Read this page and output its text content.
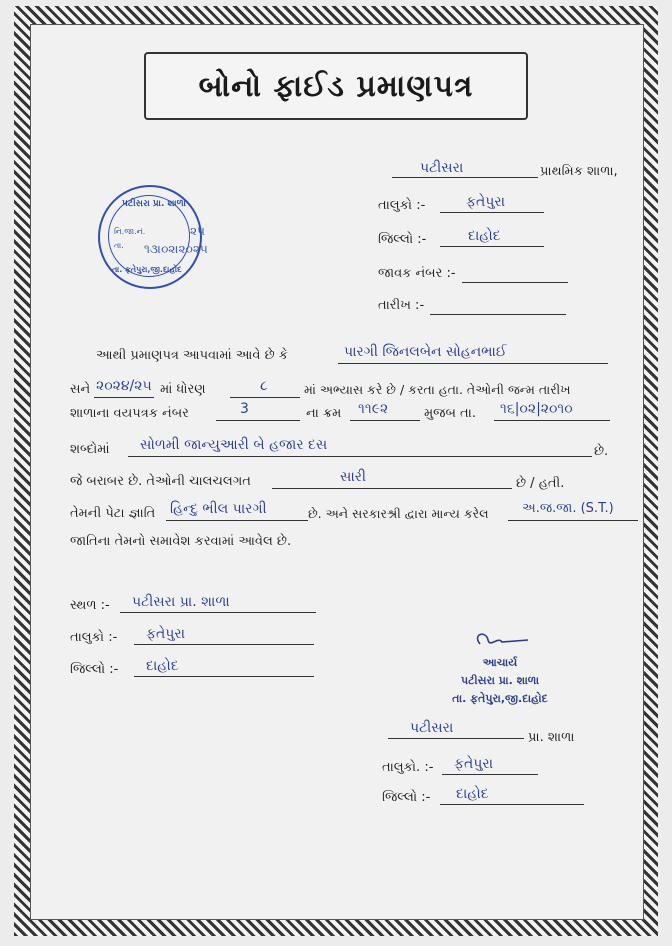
બોનો ફાઈડ પ્રમાણપત્ર
પટીસરા	પ્રાથમિક શાળા,
તાલુકો :-	ફતેપુરા
જિલ્લો :-	દાહોદ
જાવક નંબર :-
તારીખ :-
પટીસરા પ્રા. શાળા
નિ.જા.નં.
તા.
તા. ફતેપુરા,જી.દાહોદ
૨૫
૧૩।૦૨।૨૦૨૫
આથી પ્રમાણપત્ર આપવામાં આવે છે કે	પારગી જિનલબેન સોહનભાઈ
સને ૨૦૨૪/૨૫ માં ધોરણ	૮	માં અભ્યાસ કરે છે / કરતા હતા. તેઓની જન્મ તારીખ
શાળાના વયપત્રક નંબર	3	ના ક્રમ ૧૧૯૨	મુજબ તા. ૧૬|૦૨|૨૦૧૦
શબ્દોમાં સોળમી જાન્યુઆરી બે હજાર દસ	છે.
જે બરાબર છે. તેઓની ચાલચલગત	સારી	છે / હતી.
તેમની પેટા જ્ઞાતિ હિન્દુ ભીલ પારગી	છે. અને સરકારશ્રી દ્વારા માન્ય કરેલ	અ.જ.જા. (S.T.)
જાતિના તેમનો સમાવેશ કરવામાં આવેલ છે.
સ્થળ :- પટીસરા પ્રા. શાળા
તાલુકો :- ફતેપુરા
જિલ્લો :- દાહોદ	આચાર્ય
પટીસરા પ્રા. શાળા
તા. ફતેપુરા,જી.દાહોદ
પટીસરા
પ્રા. શાળા
તાલુકો. :- ફતેપુરા
જિલ્લો :- દાહોદ
